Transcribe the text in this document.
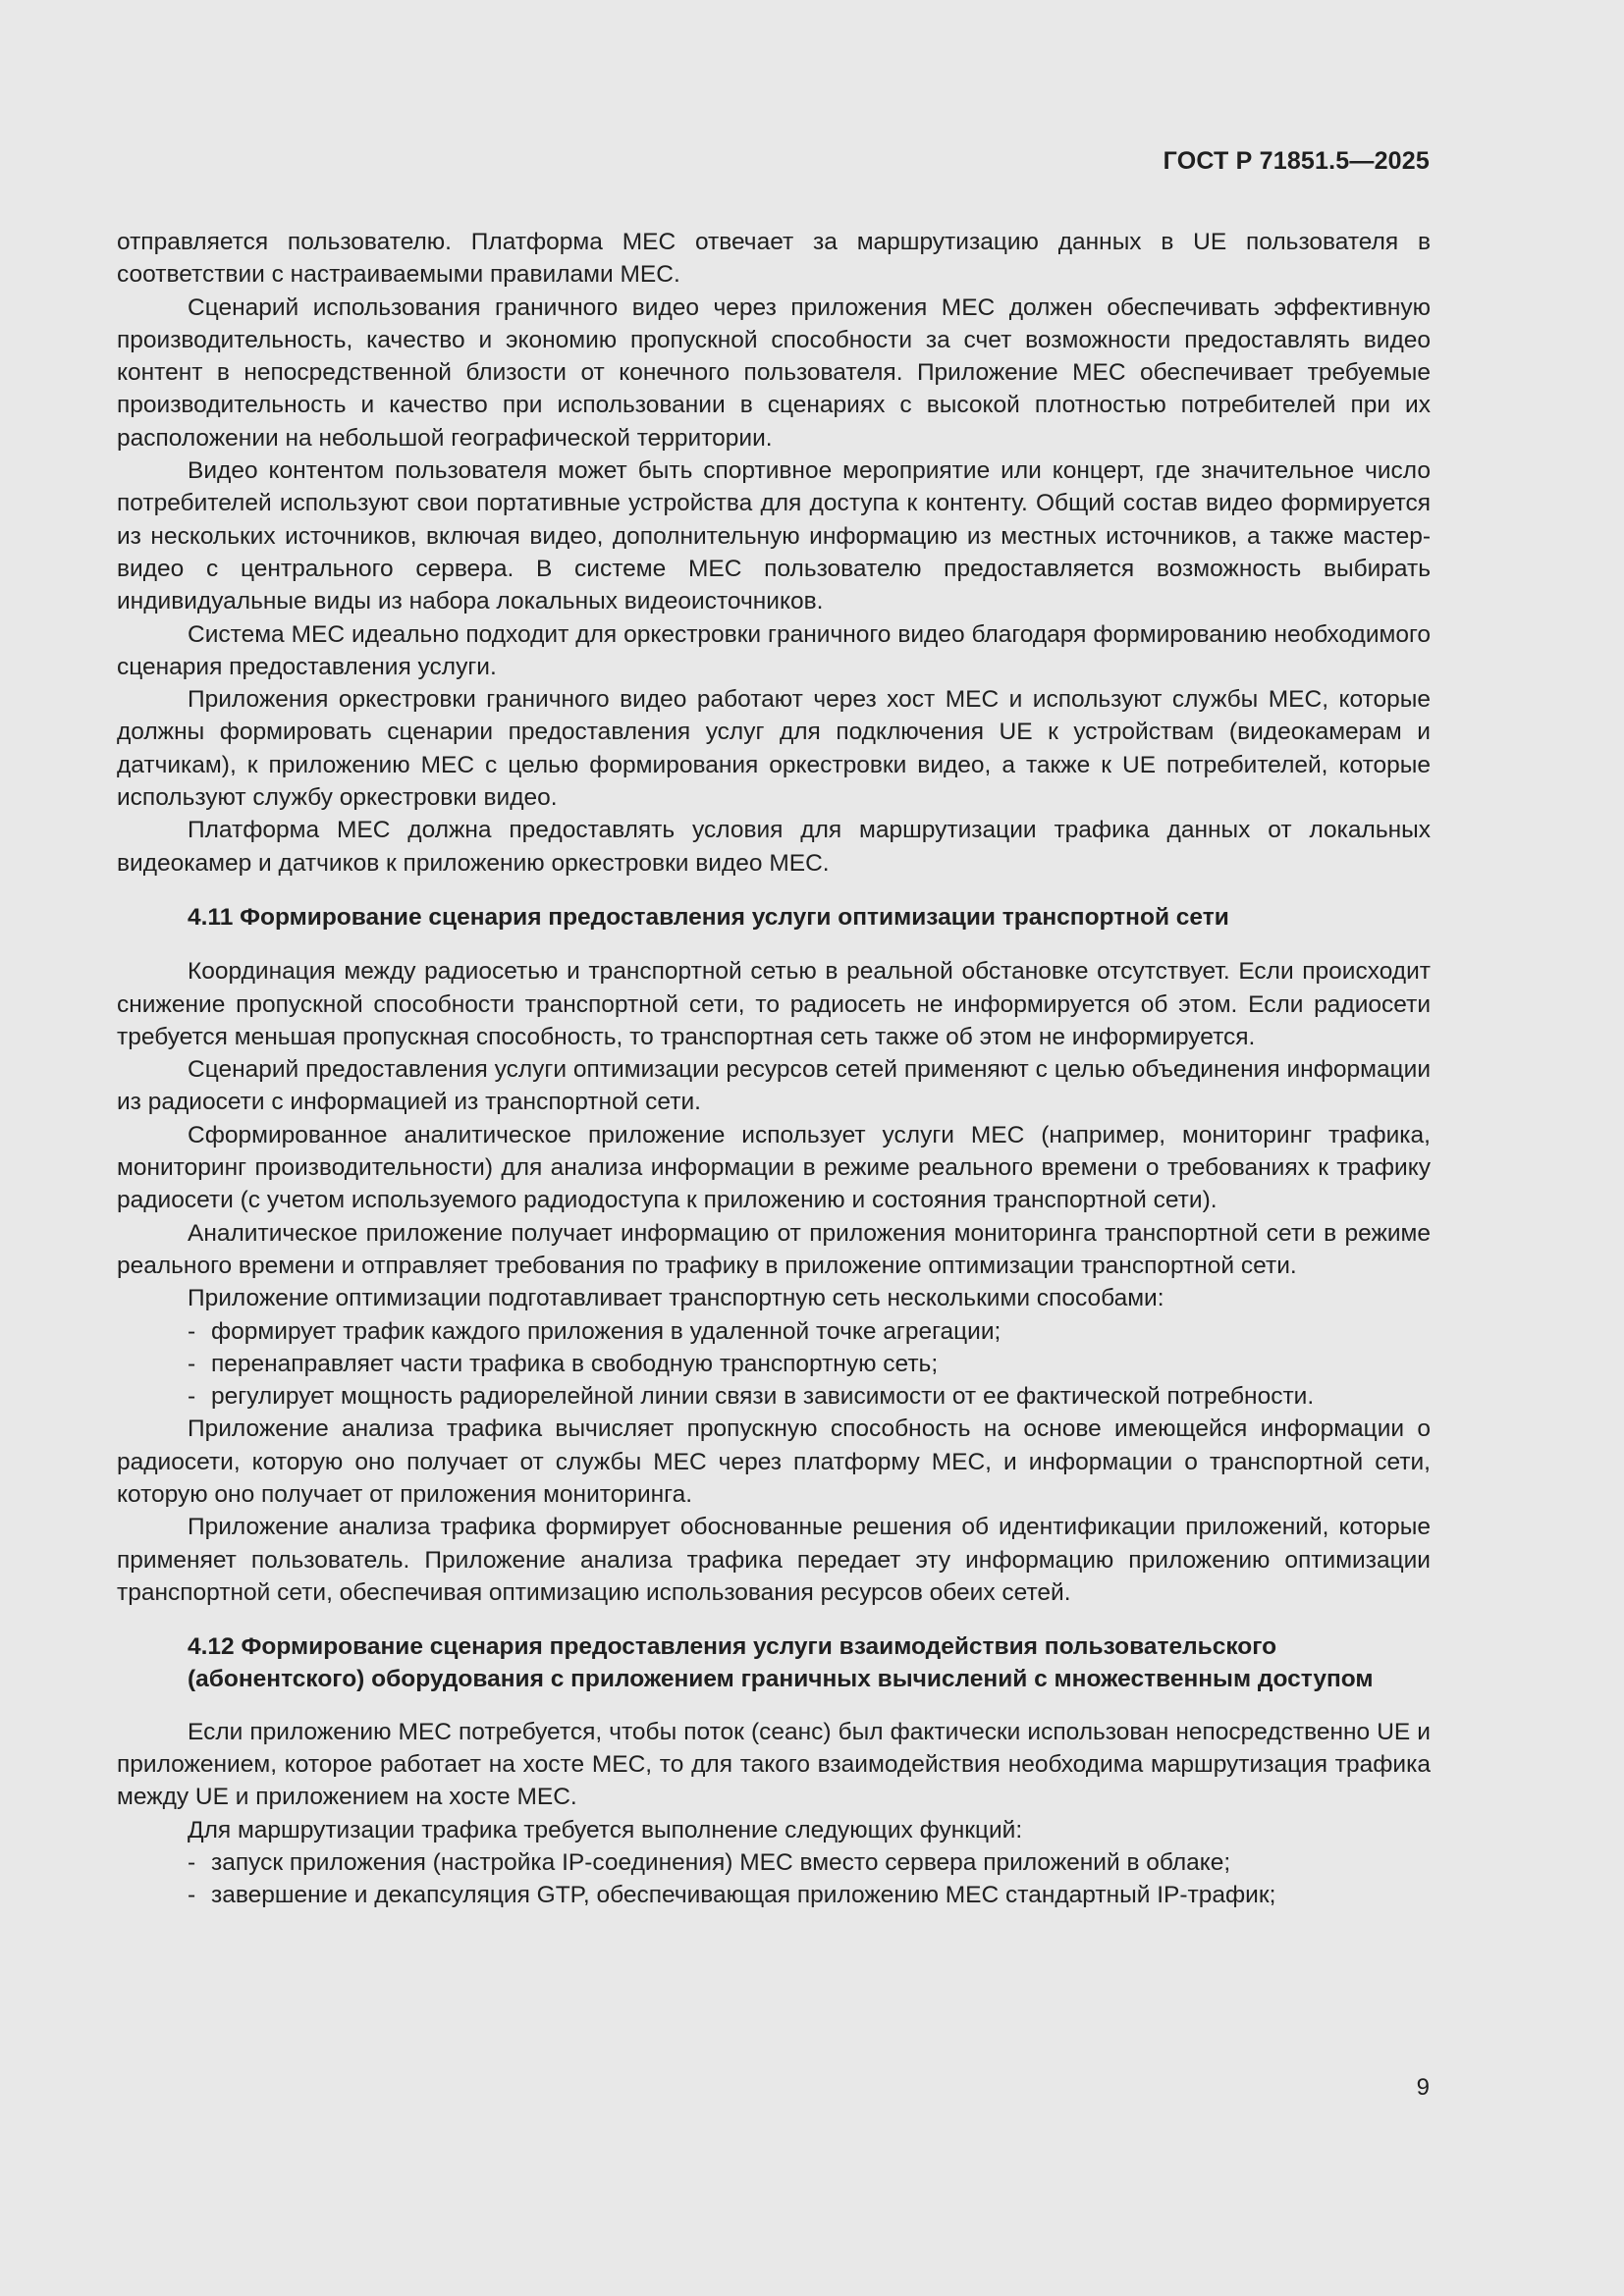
ГОСТ Р 71851.5—2025

отправляется пользователю. Платформа МЕС отвечает за маршрутизацию данных в UE пользователя в соответствии с настраиваемыми правилами МЕС.

Сценарий использования граничного видео через приложения МЕС должен обеспечивать эффективную производительность, качество и экономию пропускной способности за счет возможности предоставлять видео контент в непосредственной близости от конечного пользователя. Приложение МЕС обеспечивает требуемые производительность и качество при использовании в сценариях с высокой плотностью потребителей при их расположении на небольшой географической территории.

Видео контентом пользователя может быть спортивное мероприятие или концерт, где значительное число потребителей используют свои портативные устройства для доступа к контенту. Общий состав видео формируется из нескольких источников, включая видео, дополнительную информацию из местных источников, а также мастер-видео с центрального сервера. В системе МЕС пользователю предоставляется возможность выбирать индивидуальные виды из набора локальных видеоисточников.

Система МЕС идеально подходит для оркестровки граничного видео благодаря формированию необходимого сценария предоставления услуги.

Приложения оркестровки граничного видео работают через хост МЕС и используют службы МЕС, которые должны формировать сценарии предоставления услуг для подключения UE к устройствам (видеокамерам и датчикам), к приложению МЕС с целью формирования оркестровки видео, а также к UE потребителей, которые используют службу оркестровки видео.

Платформа МЕС должна предоставлять условия для маршрутизации трафика данных от локальных видеокамер и датчиков к приложению оркестровки видео МЕС.

4.11 Формирование сценария предоставления услуги оптимизации транспортной сети

Координация между радиосетью и транспортной сетью в реальной обстановке отсутствует. Если происходит снижение пропускной способности транспортной сети, то радиосеть не информируется об этом. Если радиосети требуется меньшая пропускная способность, то транспортная сеть также об этом не информируется.

Сценарий предоставления услуги оптимизации ресурсов сетей применяют с целью объединения информации из радиосети с информацией из транспортной сети.

Сформированное аналитическое приложение использует услуги МЕС (например, мониторинг трафика, мониторинг производительности) для анализа информации в режиме реального времени о требованиях к трафику радиосети (с учетом используемого радиодоступа к приложению и состояния транспортной сети).

Аналитическое приложение получает информацию от приложения мониторинга транспортной сети в режиме реального времени и отправляет требования по трафику в приложение оптимизации транспортной сети.

Приложение оптимизации подготавливает транспортную сеть несколькими способами:

- формирует трафик каждого приложения в удаленной точке агрегации;
- перенаправляет части трафика в свободную транспортную сеть;
- регулирует мощность радиорелейной линии связи в зависимости от ее фактической потребности.

Приложение анализа трафика вычисляет пропускную способность на основе имеющейся информации о радиосети, которую оно получает от службы МЕС через платформу МЕС, и информации о транспортной сети, которую оно получает от приложения мониторинга.

Приложение анализа трафика формирует обоснованные решения об идентификации приложений, которые применяет пользователь. Приложение анализа трафика передает эту информацию приложению оптимизации транспортной сети, обеспечивая оптимизацию использования ресурсов обеих сетей.

4.12 Формирование сценария предоставления услуги взаимодействия пользовательского (абонентского) оборудования с приложением граничных вычислений с множественным доступом

Если приложению МЕС потребуется, чтобы поток (сеанс) был фактически использован непосредственно UE и приложением, которое работает на хосте МЕС, то для такого взаимодействия необходима маршрутизация трафика между UE и приложением на хосте МЕС.

Для маршрутизации трафика требуется выполнение следующих функций:

- запуск приложения (настройка IP-соединения) МЕС вместо сервера приложений в облаке;
- завершение и декапсуляция GTP, обеспечивающая приложению МЕС стандартный IP-трафик;
9
